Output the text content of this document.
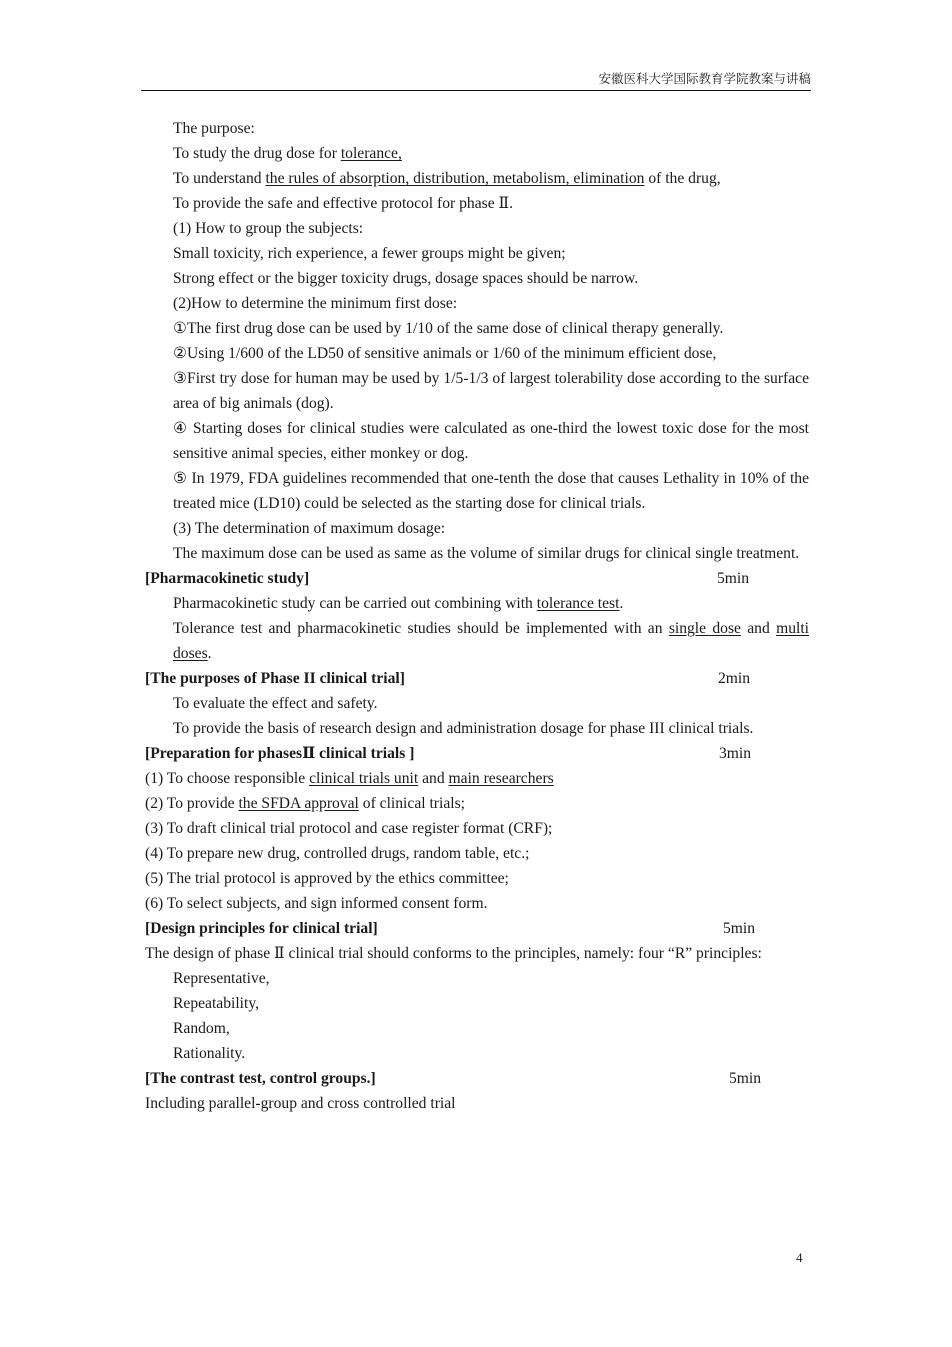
安徽医科大学国际教育学院教案与讲稿

The purpose:

To study the drug dose for tolerance,

To understand the rules of absorption, distribution, metabolism, elimination of the drug,

To provide the safe and effective protocol for phase Ⅱ.

(1) How to group the subjects:

Small toxicity, rich experience, a fewer groups might be given;

Strong effect or the bigger toxicity drugs, dosage spaces should be narrow.

(2)How to determine the minimum first dose:

①The first drug dose can be used by 1/10 of the same dose of clinical therapy generally.

②Using 1/600 of the LD50 of sensitive animals or 1/60 of the minimum efficient dose,

③First try dose for human may be used by 1/5-1/3 of largest tolerability dose according to the surface area of big animals (dog).

④ Starting doses for clinical studies were calculated as one-third the lowest toxic dose for the most sensitive animal species, either monkey or dog.

⑤ In 1979, FDA guidelines recommended that one-tenth the dose that causes Lethality in 10% of the treated mice (LD10) could be selected as the starting dose for clinical trials.

(3) The determination of maximum dosage:

The maximum dose can be used as same as the volume of similar drugs for clinical single treatment.

[Pharmacokinetic study]	5min

Pharmacokinetic study can be carried out combining with tolerance test.

Tolerance test and pharmacokinetic studies should be implemented with an single dose and multi doses.

[The purposes of Phase II clinical trial]	2min

To evaluate the effect and safety.

To provide the basis of research design and administration dosage for phase III clinical trials.

[Preparation for phasesⅡ clinical trials ]	3min

(1) To choose responsible clinical trials unit and main researchers

(2) To provide the SFDA approval of clinical trials;

(3) To draft clinical trial protocol and case register format (CRF);

(4) To prepare new drug, controlled drugs, random table, etc.;

(5) The trial protocol is approved by the ethics committee;

(6) To select subjects, and sign informed consent form.

[Design principles for clinical trial]	5min

The design of phase Ⅱ clinical trial should conforms to the principles, namely: four “R” principles:

Representative,

Repeatability,

Random,

Rationality.

[The contrast test, control groups.]	5min

Including parallel-group and cross controlled trial

4
